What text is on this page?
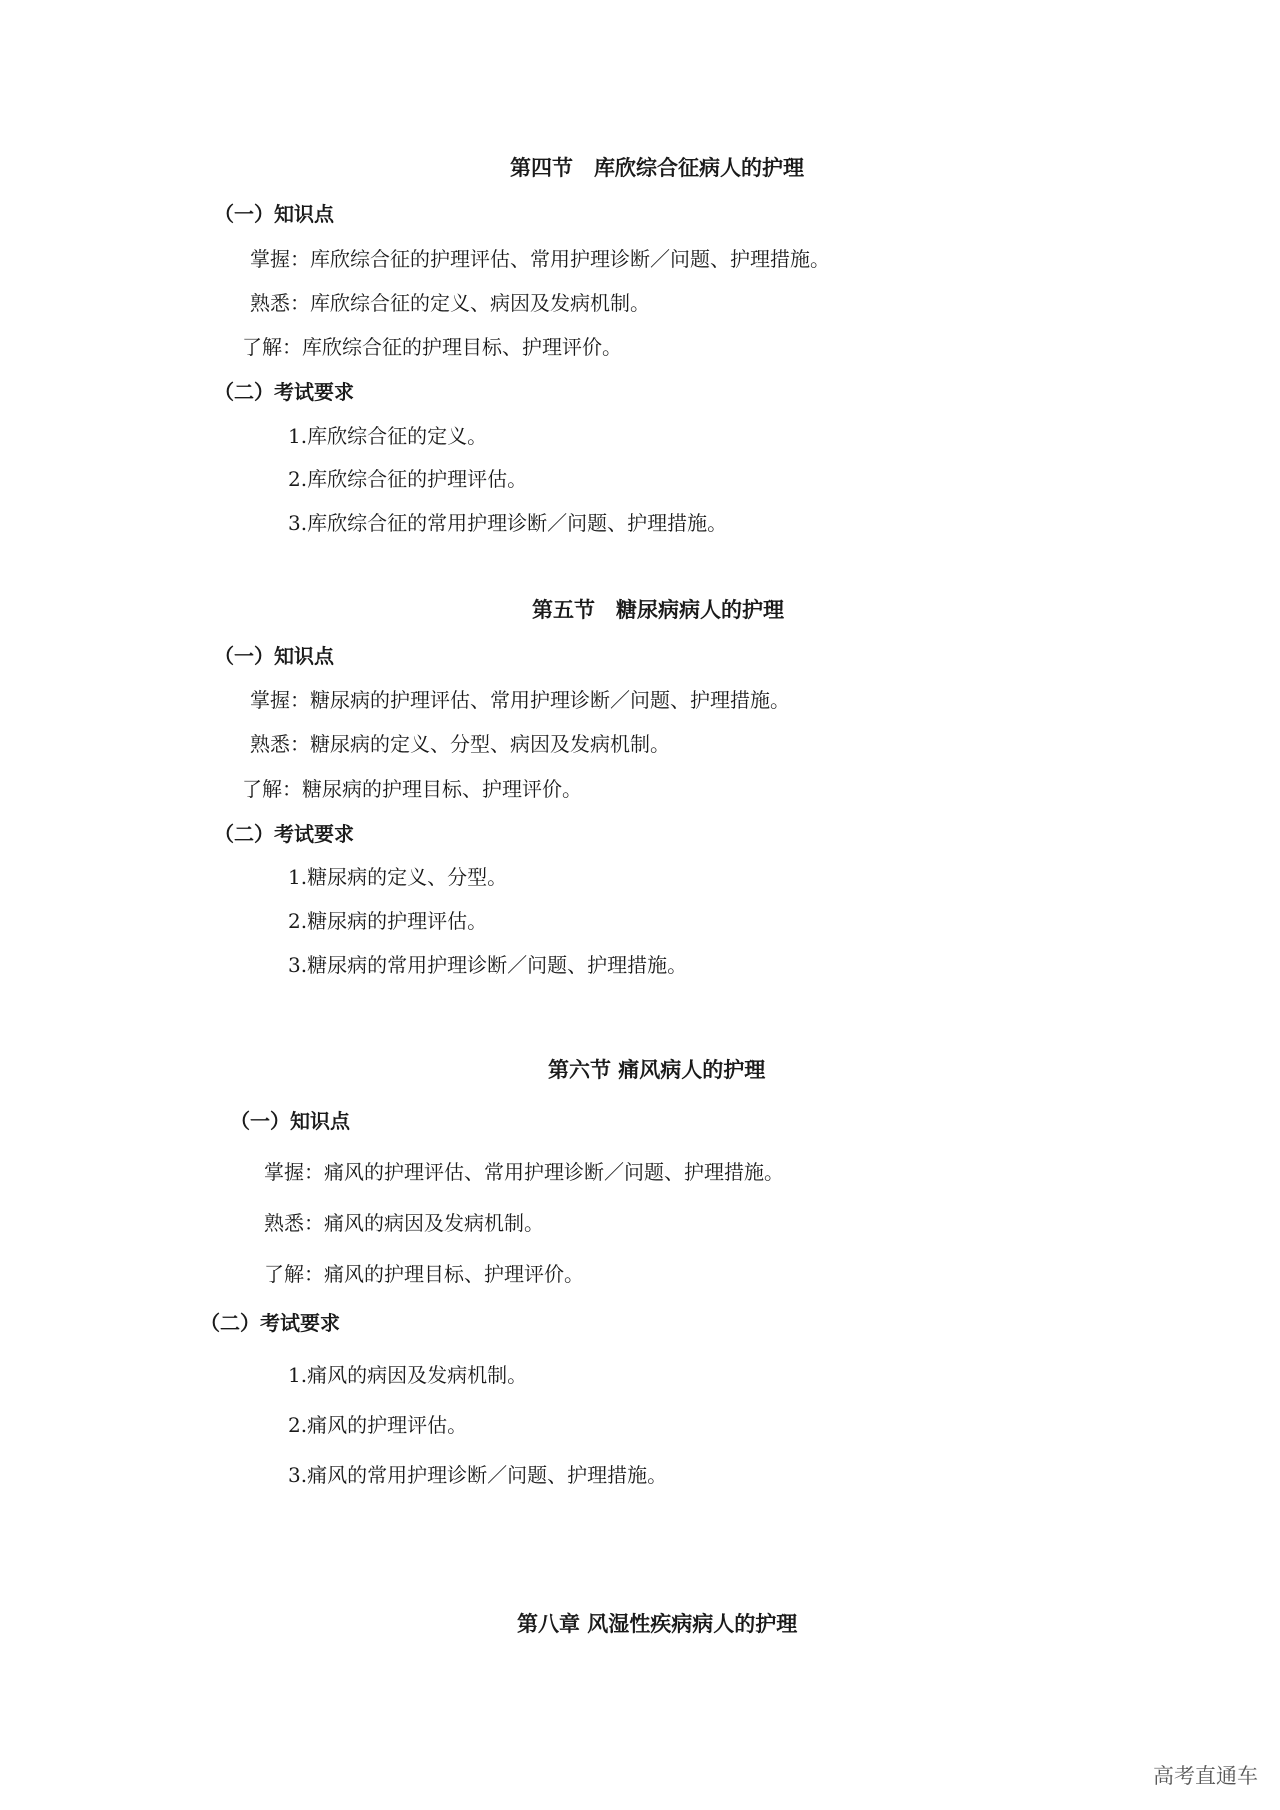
第四节　库欣综合征病人的护理
（一）知识点
掌握：库欣综合征的护理评估、常用护理诊断／问题、护理措施。
熟悉：库欣综合征的定义、病因及发病机制。
了解：库欣综合征的护理目标、护理评价。
（二）考试要求
1.库欣综合征的定义。
2.库欣综合征的护理评估。
3.库欣综合征的常用护理诊断／问题、护理措施。
第五节　糖尿病病人的护理
（一）知识点
掌握：糖尿病的护理评估、常用护理诊断／问题、护理措施。
熟悉：糖尿病的定义、分型、病因及发病机制。
了解：糖尿病的护理目标、护理评价。
（二）考试要求
1.糖尿病的定义、分型。
2.糖尿病的护理评估。
3.糖尿病的常用护理诊断／问题、护理措施。
第六节 痛风病人的护理
（一）知识点
掌握：痛风的护理评估、常用护理诊断／问题、护理措施。
熟悉：痛风的病因及发病机制。
了解：痛风的护理目标、护理评价。
（二）考试要求
1.痛风的病因及发病机制。
2.痛风的护理评估。
3.痛风的常用护理诊断／问题、护理措施。
第八章 风湿性疾病病人的护理
高考直通车
